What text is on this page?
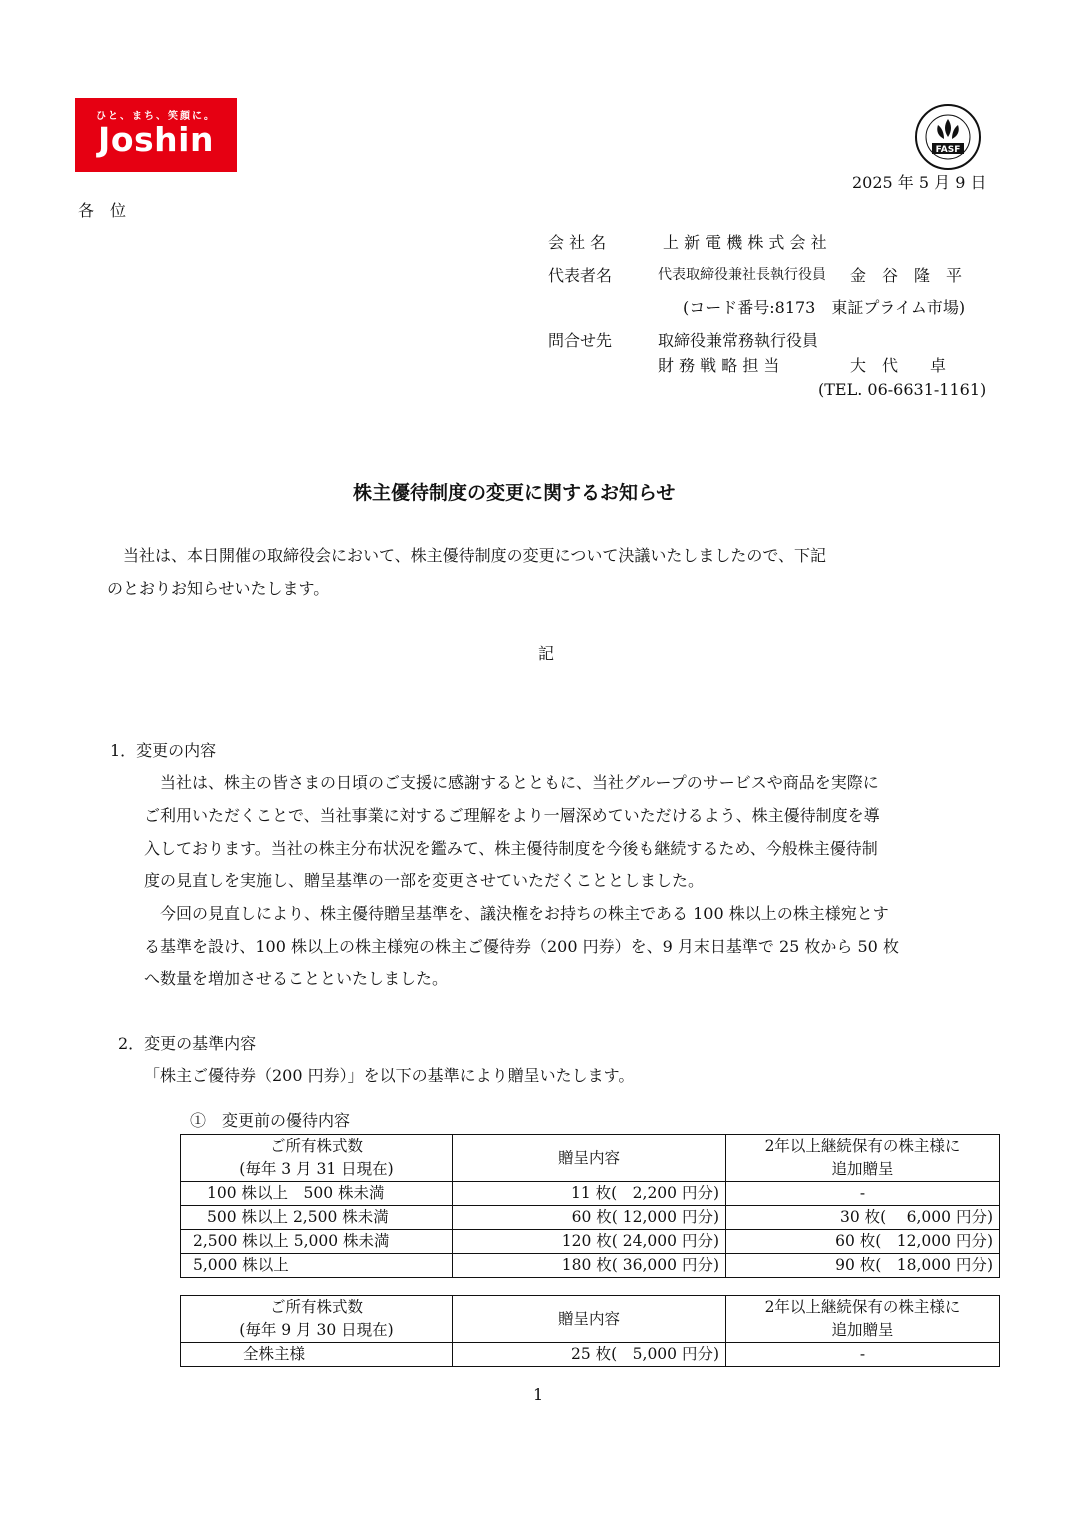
ひと、まち、笑顔に。
Joshin	FASF
2025 年 5 月 9 日
各　位
会 社 名	上 新 電 機 株 式 会 社
代表者名	代表取締役兼社長執行役員 金　谷　隆　平
(コード番号:8173　東証プライム市場)
問合せ先	取締役兼常務執行役員
財 務 戦 略 担 当	大　代　　卓
(TEL. 06-6631-1161)
株主優待制度の変更に関するお知らせ
当社は、本日開催の取締役会において、株主優待制度の変更について決議いたしましたので、下記
のとおりお知らせいたします。
記
1．変更の内容
当社は、株主の皆さまの日頃のご支援に感謝するとともに、当社グループのサービスや商品を実際に
ご利用いただくことで、当社事業に対するご理解をより一層深めていただけるよう、株主優待制度を導
入しております。当社の株主分布状況を鑑みて、株主優待制度を今後も継続するため、今般株主優待制
度の見直しを実施し、贈呈基準の一部を変更させていただくこととしました。
今回の見直しにより、株主優待贈呈基準を、議決権をお持ちの株主である 100 株以上の株主様宛とす
る基準を設け、100 株以上の株主様宛の株主ご優待券（200 円券）を、9 月末日基準で 25 枚から 50 枚
へ数量を増加させることといたしました。
2．変更の基準内容
「株主ご優待券（200 円券）」を以下の基準により贈呈いたします。
①　変更前の優待内容
ご所有株式数
(毎年 3 月 31 日現在)	贈呈内容	2年以上継続保有の株主様に
追加贈呈

100 株以上　500 株未満	11 枚(　2,200 円分)	-
500 株以上 2,500 株未満	60 枚( 12,000 円分)	30 枚(　 6,000 円分)
2,500 株以上 5,000 株未満	120 枚( 24,000 円分)	60 枚(　12,000 円分)
5,000 株以上	180 枚( 36,000 円分)	90 枚(　18,000 円分)
ご所有株式数
(毎年 9 月 30 日現在)	贈呈内容	2年以上継続保有の株主様に
追加贈呈

全株主様	25 枚(　5,000 円分)	-
1
